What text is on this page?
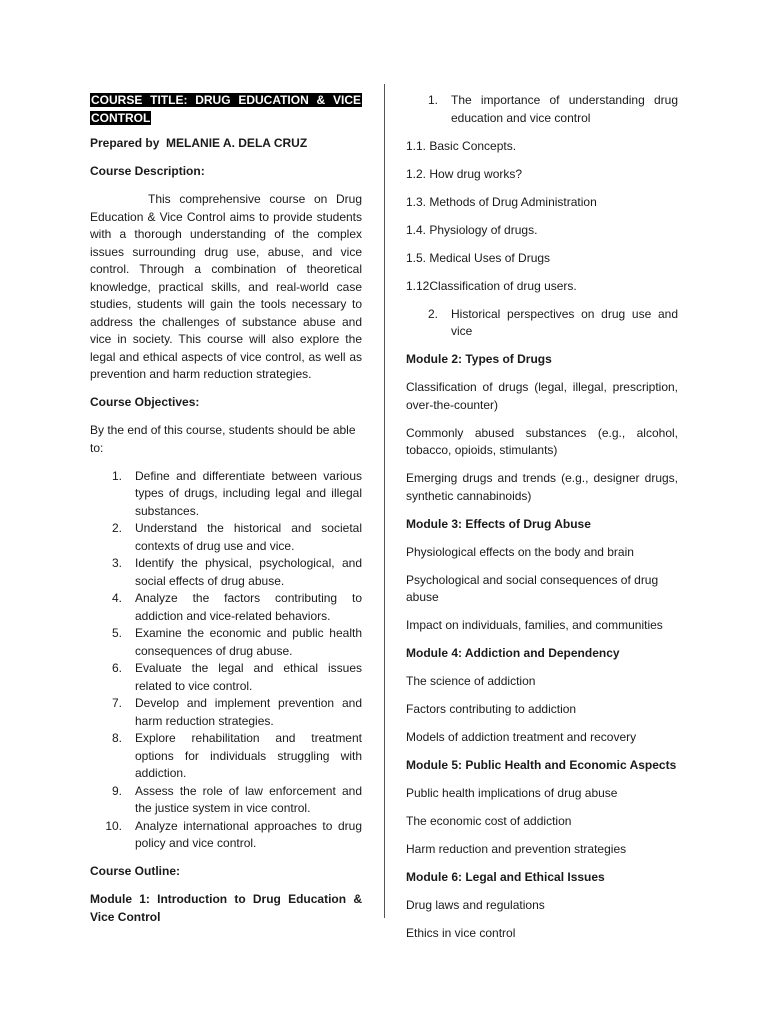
COURSE TITLE: DRUG EDUCATION & VICE

CONTROL

Prepared by MELANIE A. DELA CRUZ

Course Description:

This comprehensive course on Drug Education & Vice Control aims to provide students with a thorough understanding of the complex issues surrounding drug use, abuse, and vice control. Through a combination of theoretical knowledge, practical skills, and real-world case studies, students will gain the tools necessary to address the challenges of substance abuse and vice in society. This course will also explore the legal and ethical aspects of vice control, as well as prevention and harm reduction strategies.

Course Objectives:

By the end of this course, students should be able to:

1. Define and differentiate between various types of drugs, including legal and illegal substances.
2. Understand the historical and societal contexts of drug use and vice.
3. Identify the physical, psychological, and social effects of drug abuse.
4. Analyze the factors contributing to addiction and vice-related behaviors.
5. Examine the economic and public health consequences of drug abuse.
6. Evaluate the legal and ethical issues related to vice control.
7. Develop and implement prevention and harm reduction strategies.
8. Explore rehabilitation and treatment options for individuals struggling with addiction.
9. Assess the role of law enforcement and the justice system in vice control.
10. Analyze international approaches to drug policy and vice control.

Course Outline:

Module 1: Introduction to Drug Education & Vice Control

1. The importance of understanding drug education and vice control

1.1. Basic Concepts.

1.2. How drug works?

1.3. Methods of Drug Administration

1.4. Physiology of drugs.

1.5. Medical Uses of Drugs

1.12Classification of drug users.

2. Historical perspectives on drug use and vice

Module 2: Types of Drugs

Classification of drugs (legal, illegal, prescription, over-the-counter)

Commonly abused substances (e.g., alcohol, tobacco, opioids, stimulants)

Emerging drugs and trends (e.g., designer drugs, synthetic cannabinoids)

Module 3: Effects of Drug Abuse

Physiological effects on the body and brain

Psychological and social consequences of drug abuse

Impact on individuals, families, and communities

Module 4: Addiction and Dependency

The science of addiction

Factors contributing to addiction

Models of addiction treatment and recovery

Module 5: Public Health and Economic Aspects

Public health implications of drug abuse

The economic cost of addiction

Harm reduction and prevention strategies

Module 6: Legal and Ethical Issues

Drug laws and regulations

Ethics in vice control
